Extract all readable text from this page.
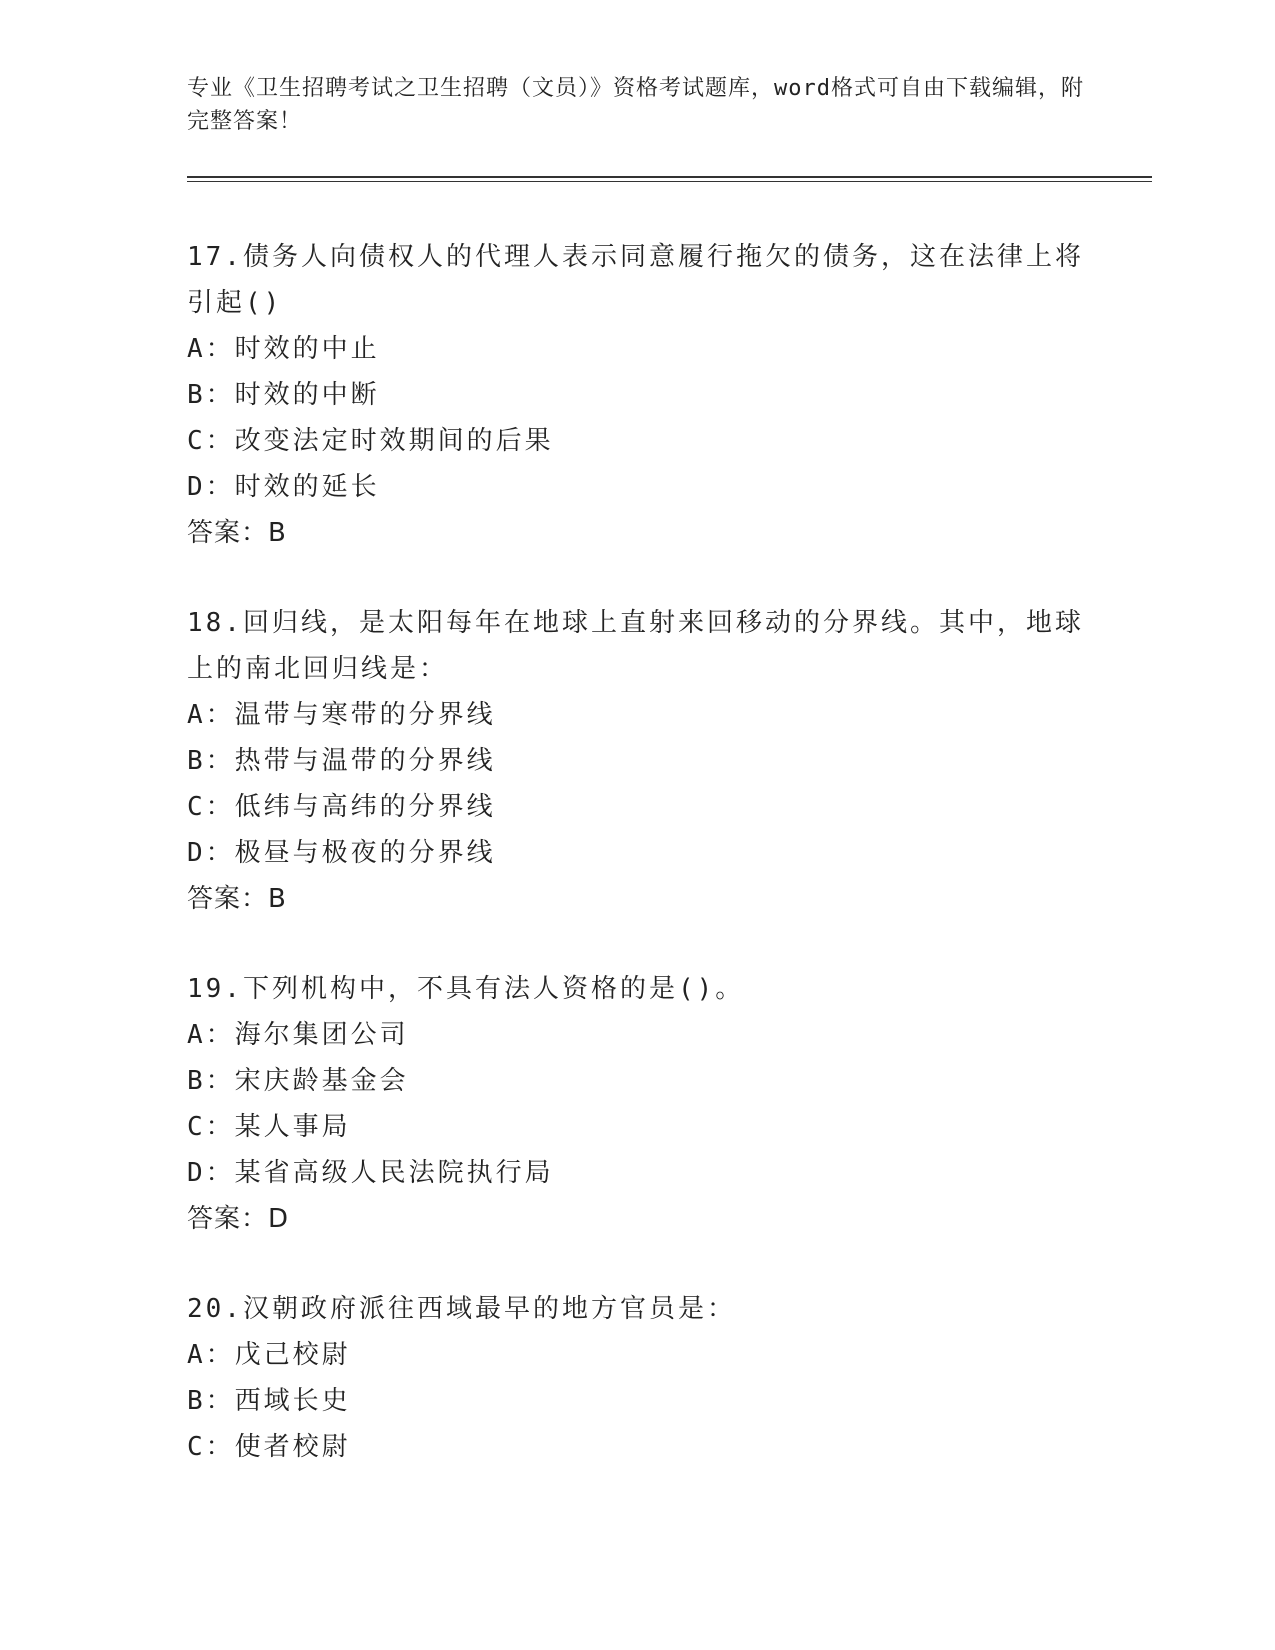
专业《卫生招聘考试之卫生招聘（文员）》资格考试题库，word格式可自由下载编辑，附完整答案！
17.债务人向债权人的代理人表示同意履行拖欠的债务，这在法律上将引起()
A：时效的中止
B：时效的中断
C：改变法定时效期间的后果
D：时效的延长
答案：B
18.回归线，是太阳每年在地球上直射来回移动的分界线。其中，地球上的南北回归线是：
A：温带与寒带的分界线
B：热带与温带的分界线
C：低纬与高纬的分界线
D：极昼与极夜的分界线
答案：B
19.下列机构中，不具有法人资格的是()。
A：海尔集团公司
B：宋庆龄基金会
C：某人事局
D：某省高级人民法院执行局
答案：D
20.汉朝政府派往西域最早的地方官员是：
A：戊己校尉
B：西域长史
C：使者校尉
